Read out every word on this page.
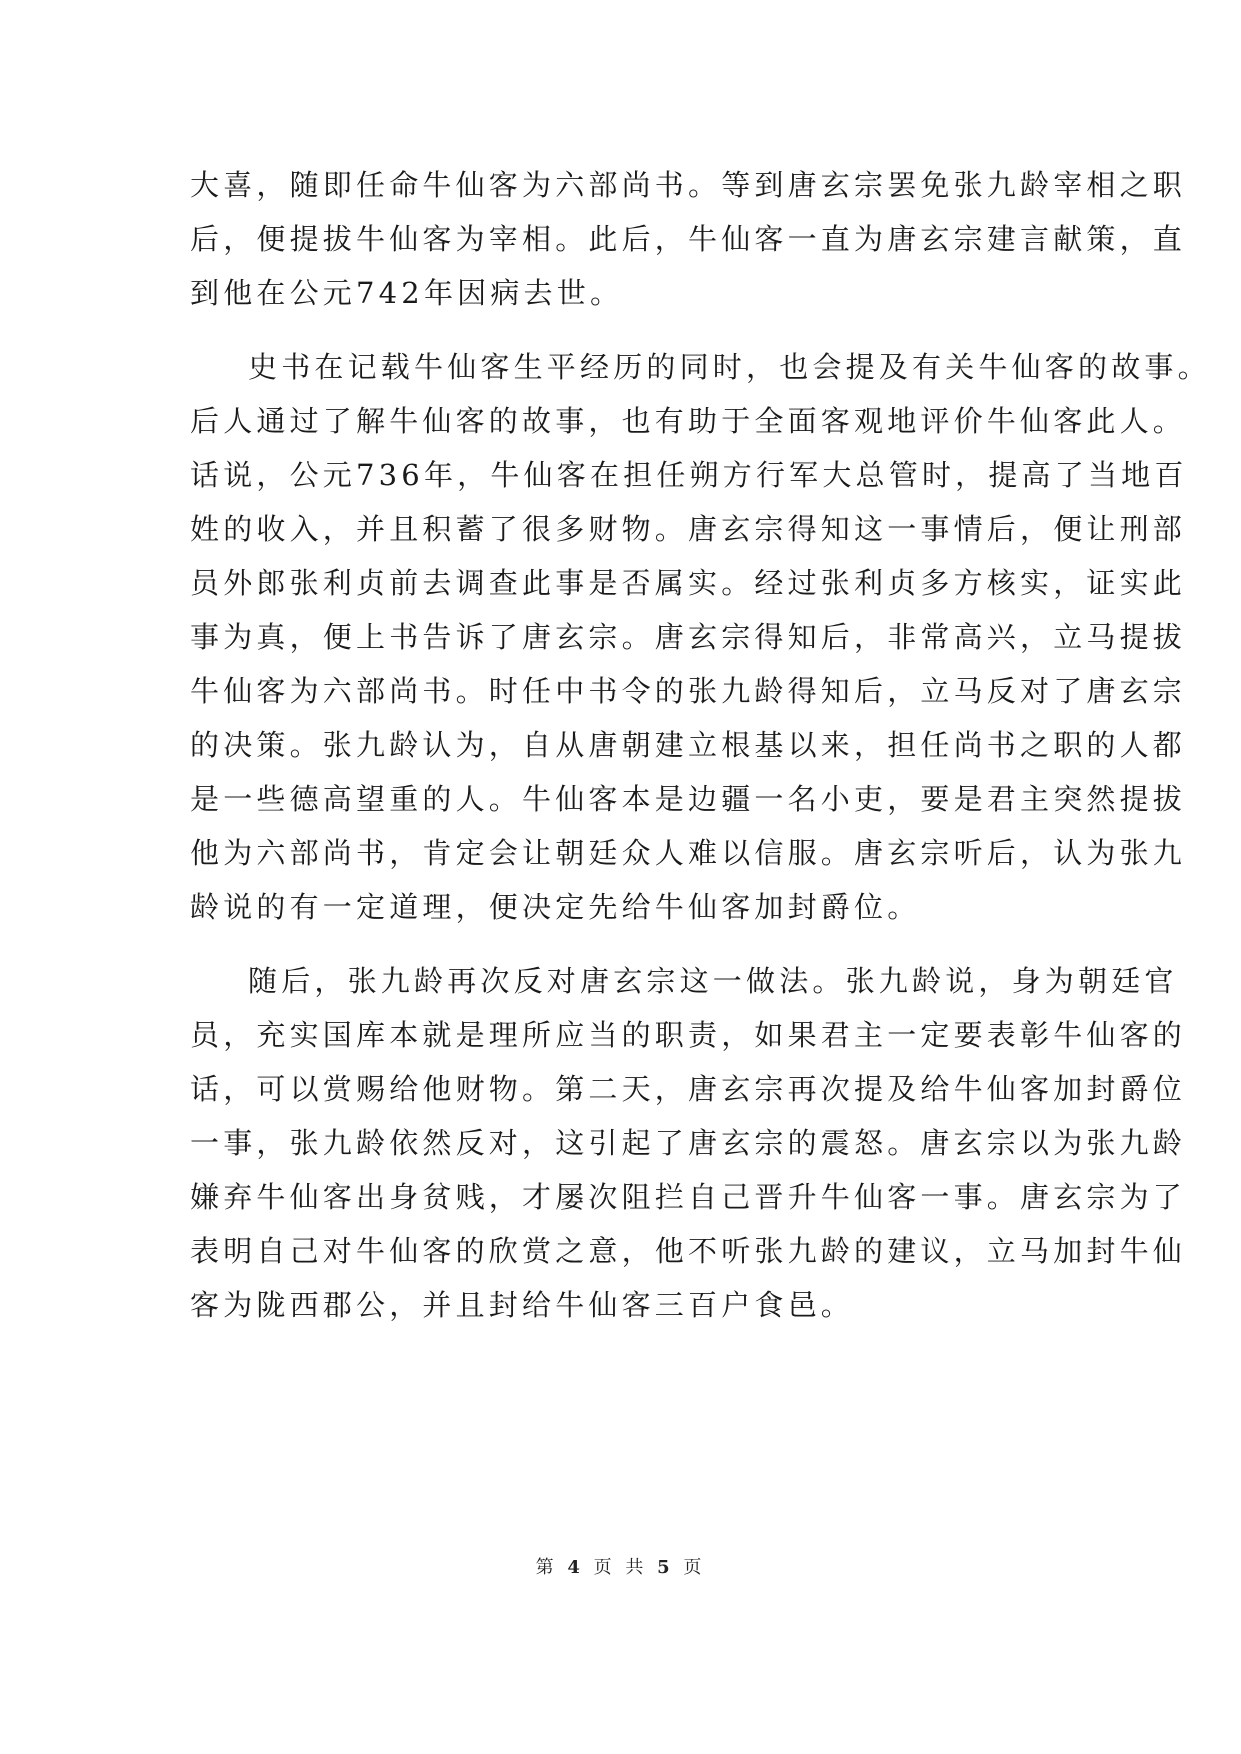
大喜，随即任命牛仙客为六部尚书。等到唐玄宗罢免张九龄宰相之职
后，便提拔牛仙客为宰相。此后，牛仙客一直为唐玄宗建言献策，直
到他在公元742年因病去世。
史书在记载牛仙客生平经历的同时，也会提及有关牛仙客的故事。
后人通过了解牛仙客的故事，也有助于全面客观地评价牛仙客此人。
话说，公元736年，牛仙客在担任朔方行军大总管时，提高了当地百
姓的收入，并且积蓄了很多财物。唐玄宗得知这一事情后，便让刑部
员外郎张利贞前去调查此事是否属实。经过张利贞多方核实，证实此
事为真，便上书告诉了唐玄宗。唐玄宗得知后，非常高兴，立马提拔
牛仙客为六部尚书。时任中书令的张九龄得知后，立马反对了唐玄宗
的决策。张九龄认为，自从唐朝建立根基以来，担任尚书之职的人都
是一些德高望重的人。牛仙客本是边疆一名小吏，要是君主突然提拔
他为六部尚书，肯定会让朝廷众人难以信服。唐玄宗听后，认为张九
龄说的有一定道理，便决定先给牛仙客加封爵位。
随后，张九龄再次反对唐玄宗这一做法。张九龄说，身为朝廷官
员，充实国库本就是理所应当的职责，如果君主一定要表彰牛仙客的
话，可以赏赐给他财物。第二天，唐玄宗再次提及给牛仙客加封爵位
一事，张九龄依然反对，这引起了唐玄宗的震怒。唐玄宗以为张九龄
嫌弃牛仙客出身贫贱，才屡次阻拦自己晋升牛仙客一事。唐玄宗为了
表明自己对牛仙客的欣赏之意，他不听张九龄的建议，立马加封牛仙
客为陇西郡公，并且封给牛仙客三百户食邑。
第 4 页 共 5 页
